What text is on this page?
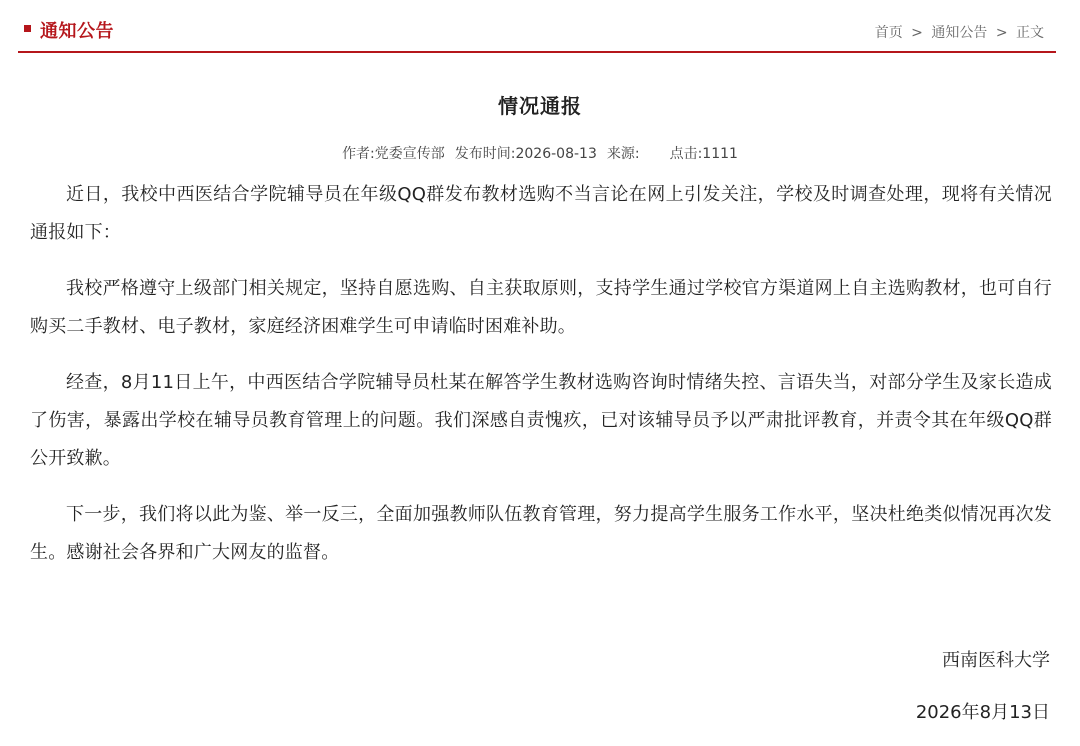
通知公告	首页 > 通知公告 > 正文
情况通报
作者:党委宣传部 发布时间:2026-08-13 来源: 点击:1111

近日，我校中西医结合学院辅导员在年级QQ群发布教材选购不当言论在网上引发关注，学校及时调查处理，现将有关情况通报如下：

我校严格遵守上级部门相关规定，坚持自愿选购、自主获取原则，支持学生通过学校官方渠道网上自主选购教材，也可自行购买二手教材、电子教材，家庭经济困难学生可申请临时困难补助。

经查，8月11日上午，中西医结合学院辅导员杜某在解答学生教材选购咨询时情绪失控、言语失当，对部分学生及家长造成了伤害，暴露出学校在辅导员教育管理上的问题。我们深感自责愧疚，已对该辅导员予以严肃批评教育，并责令其在年级QQ群公开致歉。

下一步，我们将以此为鉴、举一反三，全面加强教师队伍教育管理，努力提高学生服务工作水平，坚决杜绝类似情况再次发生。感谢社会各界和广大网友的监督。

西南医科大学
2026年8月13日
